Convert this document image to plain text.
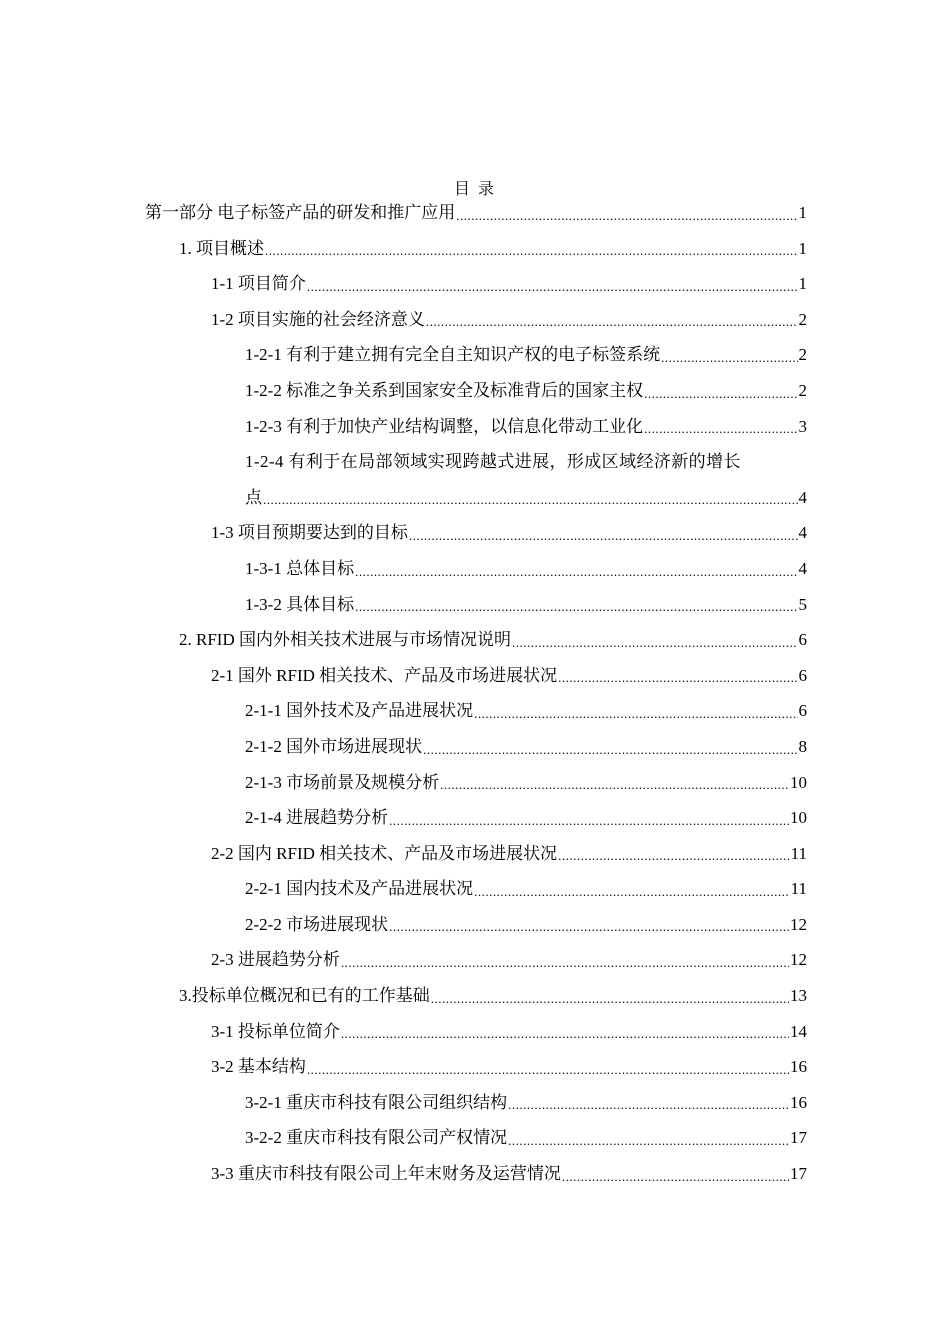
目 录
第一部分 电子标签产品的研发和推广应用 .....	1
1. 项目概述 .....	1
1-1 项目简介 .....	1
1-2 项目实施的社会经济意义 .....	2
1-2-1 有利于建立拥有完全自主知识产权的电子标签系统 .....	2
1-2-2 标准之争关系到国家安全及标准背后的国家主权 .....	2
1-2-3 有利于加快产业结构调整，以信息化带动工业化 .....	3
1-2-4 有利于在局部领域实现跨越式进展，形成区域经济新的增长
点 .....	4
1-3 项目预期要达到的目标 .....	4
1-3-1 总体目标 .....	4
1-3-2 具体目标 .....	5
2. RFID 国内外相关技术进展与市场情况说明 .....	6
2-1 国外 RFID 相关技术、产品及市场进展状况 .....	6
2-1-1 国外技术及产品进展状况 .....	6
2-1-2 国外市场进展现状 .....	8
2-1-3 市场前景及规模分析 .....	10
2-1-4 进展趋势分析 .....	10
2-2 国内 RFID 相关技术、产品及市场进展状况 .....	11
2-2-1 国内技术及产品进展状况 .....	11
2-2-2 市场进展现状 .....	12
2-3 进展趋势分析 .....	12
3.投标单位概况和已有的工作基础 .....	13
3-1 投标单位简介 .....	14
3-2 基本结构 .....	16
3-2-1 重庆市科技有限公司组织结构 .....	16
3-2-2 重庆市科技有限公司产权情况 .....	17
3-3 重庆市科技有限公司上年末财务及运营情况 .....	17
